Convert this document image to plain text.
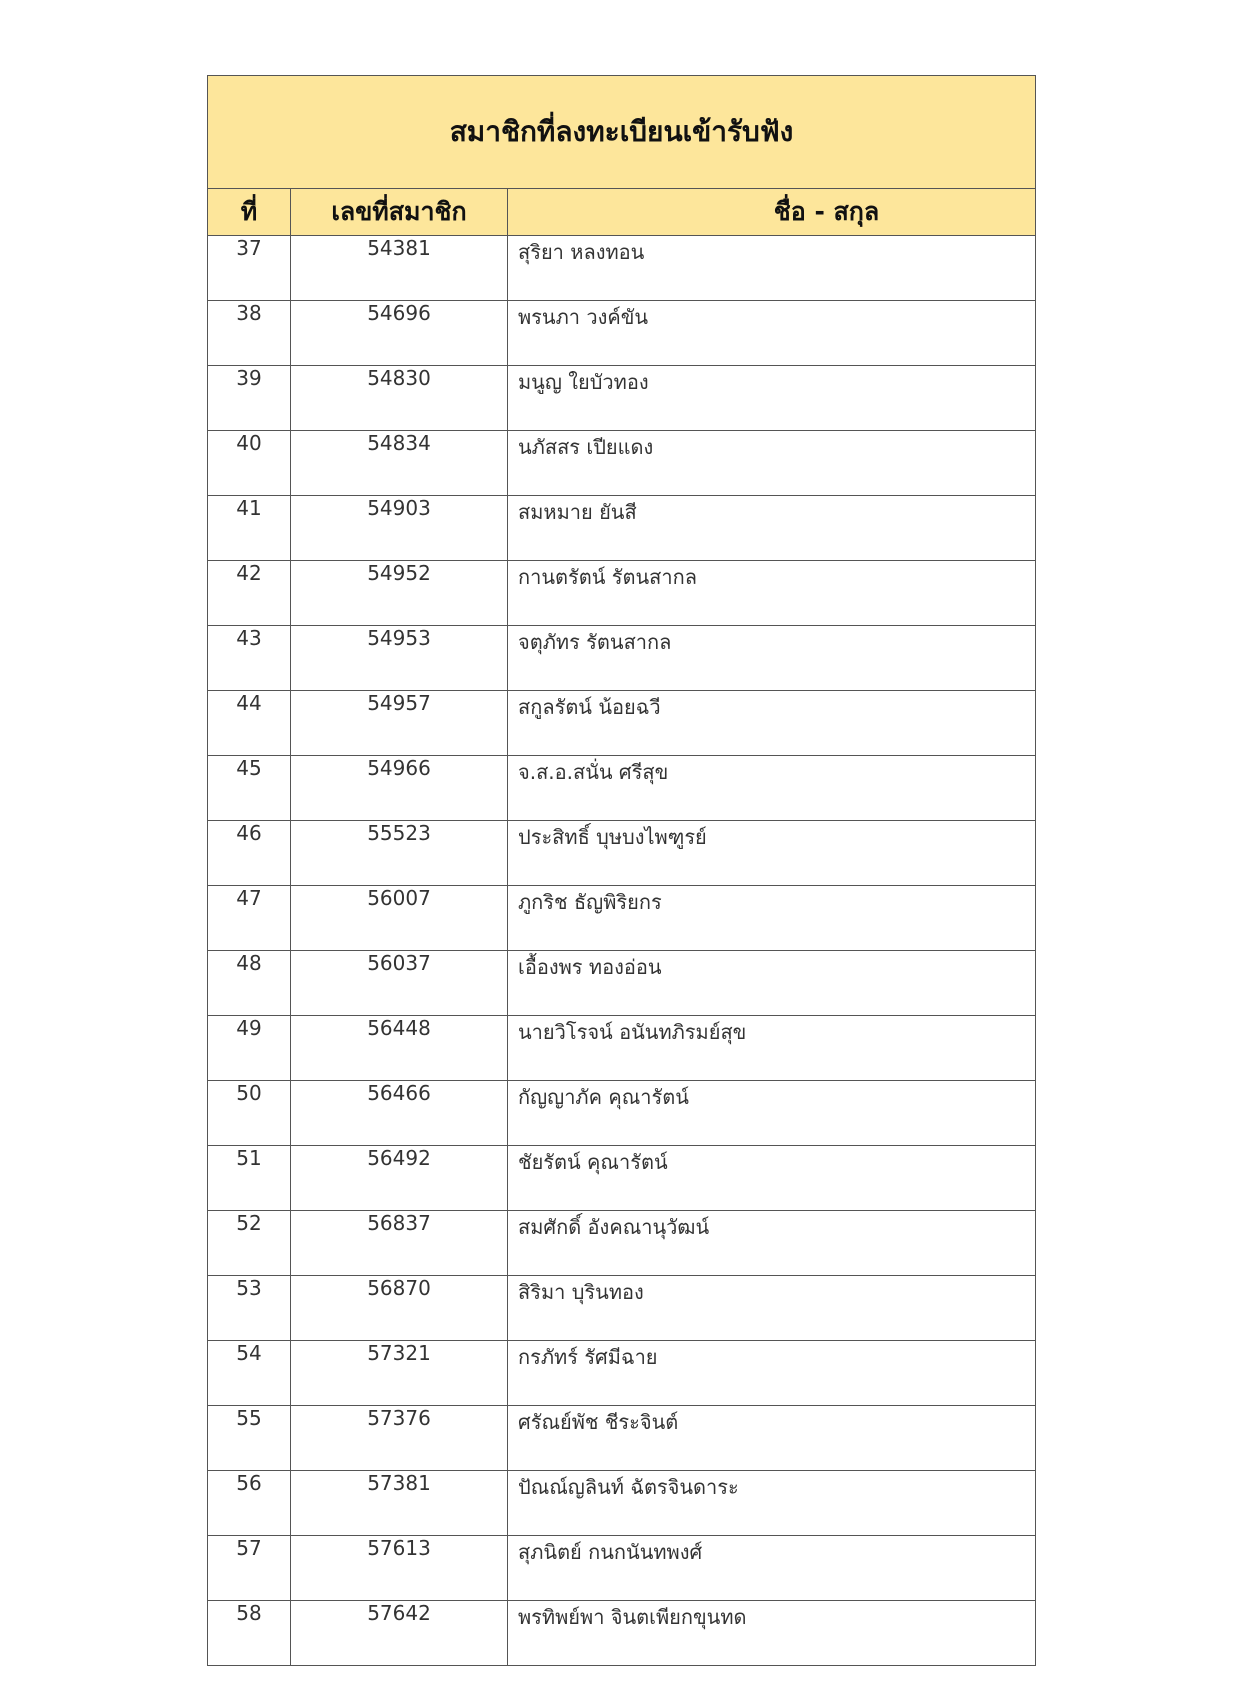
สมาชิกที่ลงทะเบียนเข้ารับฟัง		
ที่	เลขที่สมาชิก	ชื่อ - สกุล
37	54381	สุริยา หลงทอน
38	54696	พรนภา วงค์ขัน
39	54830	มนูญ ใยบัวทอง
40	54834	นภัสสร เปียแดง
41	54903	สมหมาย ยันสี
42	54952	กานตรัตน์ รัตนสากล
43	54953	จตุภัทร รัตนสากล
44	54957	สกูลรัตน์ น้อยฉวี
45	54966	จ.ส.อ.สนั่น ศรีสุข
46	55523	ประสิทธิ์ บุษบงไพฑูรย์
47	56007	ภูกริช ธัญพิริยกร
48	56037	เอื้องพร ทองอ่อน
49	56448	นายวิโรจน์ อนันทภิรมย์สุข
50	56466	กัญญาภัค คุณารัตน์
51	56492	ชัยรัตน์ คุณารัตน์
52	56837	สมศักดิ์ อังคณานุวัฒน์
53	56870	สิริมา บุรินทอง
54	57321	กรภัทร์ รัศมีฉาย
55	57376	ศรัณย์พัช ชีระจินต์
56	57381	ปัณณ์ญลินท์ ฉัตรจินดาระ
57	57613	สุภนิตย์ กนกนันทพงศ์
58	57642	พรทิพย์พา จินตเพียกขุนทด
